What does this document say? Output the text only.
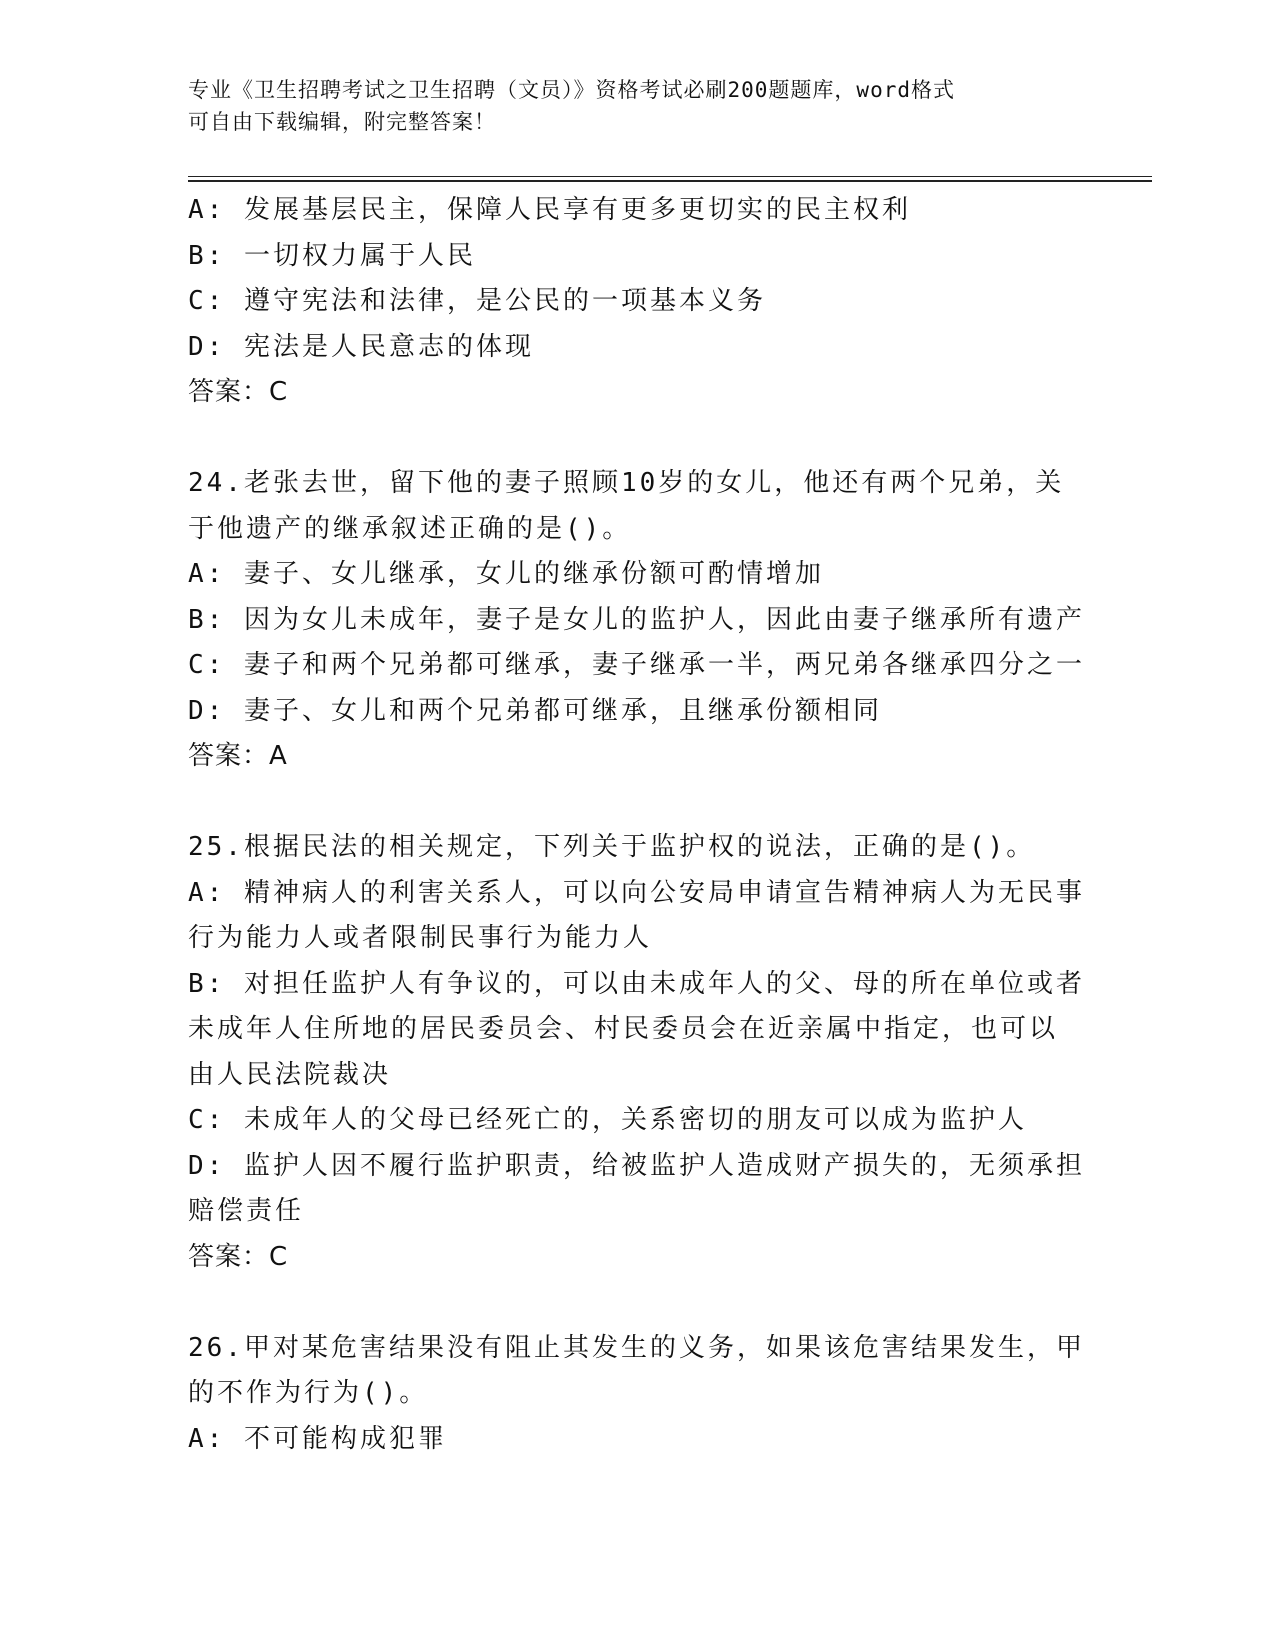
专业《卫生招聘考试之卫生招聘（文员）》资格考试必刷200题题库，word格式
可自由下载编辑，附完整答案！
A: 发展基层民主，保障人民享有更多更切实的民主权利
B: 一切权力属于人民
C: 遵守宪法和法律，是公民的一项基本义务
D: 宪法是人民意志的体现
答案：C
24.老张去世，留下他的妻子照顾10岁的女儿，他还有两个兄弟，关
于他遗产的继承叙述正确的是()。
A: 妻子、女儿继承，女儿的继承份额可酌情增加
B: 因为女儿未成年，妻子是女儿的监护人，因此由妻子继承所有遗产
C: 妻子和两个兄弟都可继承，妻子继承一半，两兄弟各继承四分之一
D: 妻子、女儿和两个兄弟都可继承，且继承份额相同
答案：A
25.根据民法的相关规定，下列关于监护权的说法，正确的是()。
A: 精神病人的利害关系人，可以向公安局申请宣告精神病人为无民事
行为能力人或者限制民事行为能力人
B: 对担任监护人有争议的，可以由未成年人的父、母的所在单位或者
未成年人住所地的居民委员会、村民委员会在近亲属中指定，也可以
由人民法院裁决
C: 未成年人的父母已经死亡的，关系密切的朋友可以成为监护人
D: 监护人因不履行监护职责，给被监护人造成财产损失的，无须承担
赔偿责任
答案：C
26.甲对某危害结果没有阻止其发生的义务，如果该危害结果发生，甲
的不作为行为()。
A: 不可能构成犯罪
